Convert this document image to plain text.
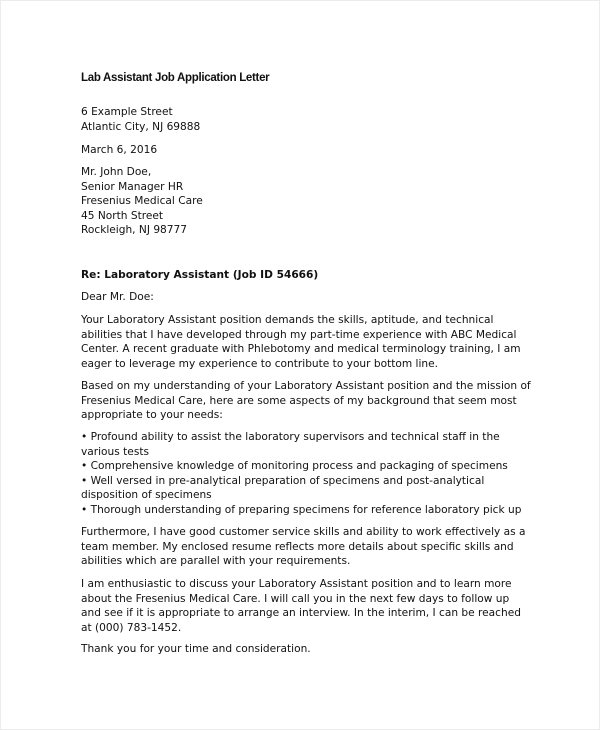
Lab Assistant Job Application Letter
6 Example Street
Atlantic City, NJ 69888
March 6, 2016
Mr. John Doe,
Senior Manager HR
Fresenius Medical Care
45 North Street
Rockleigh, NJ 98777
Re: Laboratory Assistant (Job ID 54666)
Dear Mr. Doe:
Your Laboratory Assistant position demands the skills, aptitude, and technical
abilities that I have developed through my part-time experience with ABC Medical
Center. A recent graduate with Phlebotomy and medical terminology training, I am
eager to leverage my experience to contribute to your bottom line.
Based on my understanding of your Laboratory Assistant position and the mission of
Fresenius Medical Care, here are some aspects of my background that seem most
appropriate to your needs:
• Profound ability to assist the laboratory supervisors and technical staff in the
various tests
• Comprehensive knowledge of monitoring process and packaging of specimens
• Well versed in pre-analytical preparation of specimens and post-analytical
disposition of specimens
• Thorough understanding of preparing specimens for reference laboratory pick up
Furthermore, I have good customer service skills and ability to work effectively as a
team member. My enclosed resume reflects more details about specific skills and
abilities which are parallel with your requirements.
I am enthusiastic to discuss your Laboratory Assistant position and to learn more
about the Fresenius Medical Care. I will call you in the next few days to follow up
and see if it is appropriate to arrange an interview. In the interim, I can be reached
at (000) 783-1452.
Thank you for your time and consideration.
